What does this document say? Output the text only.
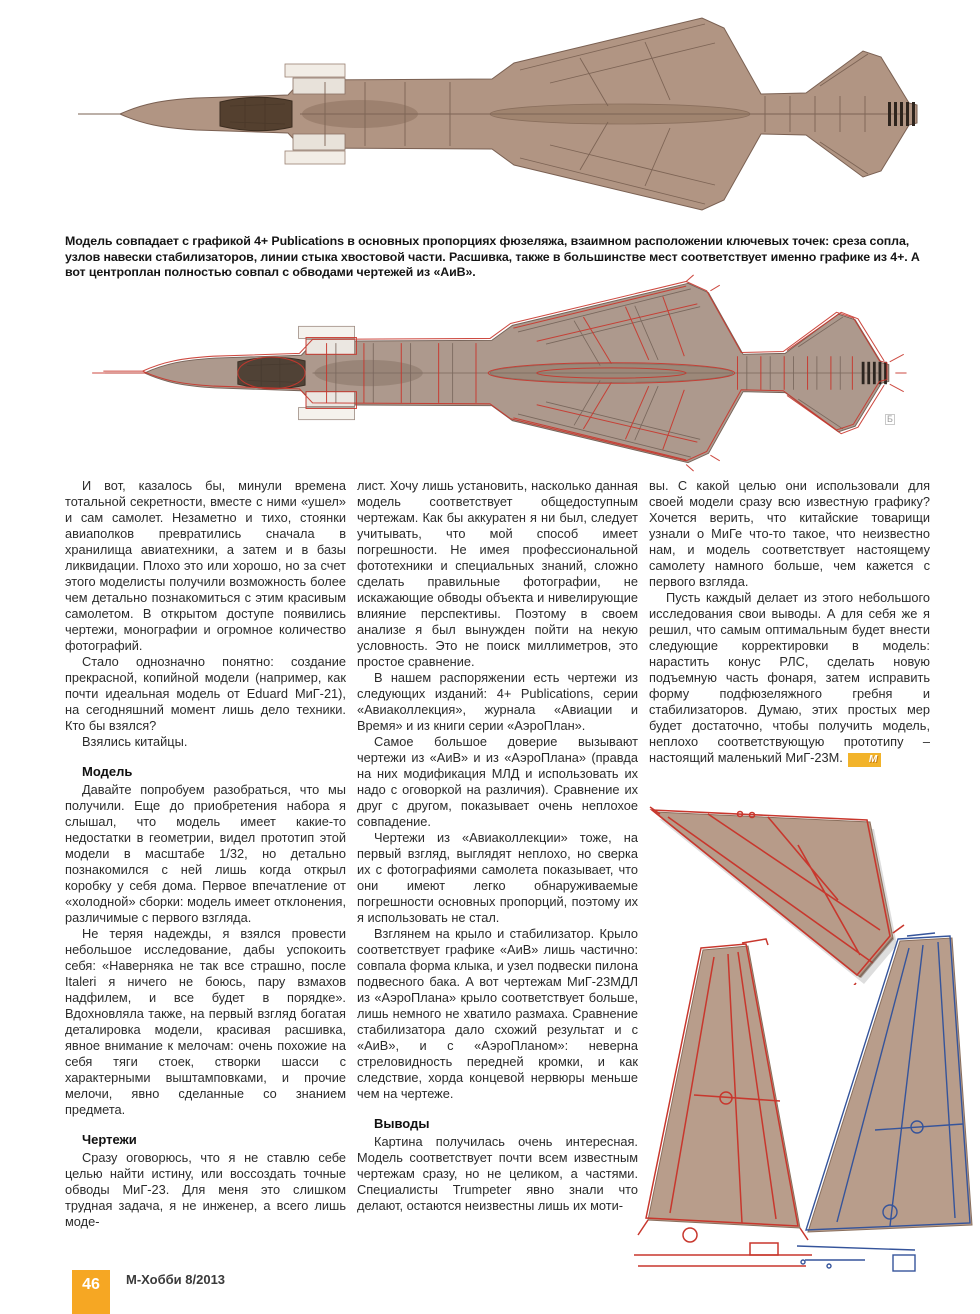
Модель совпадает с графикой 4+ Publications в основных пропорциях фюзеляжа, взаимном расположении ключевых точек: среза сопла, узлов навески стабилизаторов, линии стыка хвостовой части. Расшивка, также в большинстве мест соответствует именно графике из 4+. А вот центроплан полностью совпал с обводами чертежей из «АиВ».

Б

И вот, казалось бы, минули времена тотальной секретности, вместе с ними «ушел» и сам самолет. Незаметно и тихо, стоянки авиаполков превратились сначала в хранилища авиатехники, а затем и в базы ликвидации. Плохо это или хорошо, но за счет этого моделисты получили возможность более чем детально познакомиться с этим красивым самолетом. В открытом доступе появились чертежи, монографии и огромное количество фотографий.

Стало однозначно понятно: создание прекрасной, копийной модели (например, как почти идеальная модель от Eduard МиГ-21), на сегодняшний момент лишь дело техники. Кто бы взялся?

Взялись китайцы.

Модель

Давайте попробуем разобраться, что мы получили. Еще до приобретения набора я слышал, что модель имеет какие-то недостатки в геометрии, видел прототип этой модели в масштабе 1/32, но детально познакомился с ней лишь когда открыл коробку у себя дома. Первое впечатление от «холодной» сборки: модель имеет отклонения, различимые с первого взгляда.

Не теряя надежды, я взялся провести небольшое исследование, дабы успокоить себя: «Наверняка не так все страшно, после Italeri я ничего не боюсь, пару взмахов надфилем, и все будет в порядке». Вдохновляла также, на первый взгляд богатая деталировка модели, красивая расшивка, явное внимание к мелочам: очень похожие на себя тяги стоек, створки шасси с характерными выштамповками, и прочие мелочи, явно сделанные со знанием предмета.

Чертежи

Сразу оговорюсь, что я не ставлю себе целью найти истину, или воссоздать точные обводы МиГ-23. Для меня это слишком трудная задача, я не инженер, а всего лишь моде-

лист. Хочу лишь установить, насколько данная модель соответствует общедоступным чертежам. Как бы аккуратен я ни был, следует учитывать, что мой способ имеет погрешности. Не имея профессиональной фототехники и специальных знаний, сложно сделать правильные фотографии, не искажающие обводы объекта и нивелирующие влияние перспективы. Поэтому в своем анализе я был вынужден пойти на некую условность. Это не поиск миллиметров, это простое сравнение.

В нашем распоряжении есть чертежи из следующих изданий: 4+ Publications, серии «Авиаколлекция», журнала «Авиации и Время» и из книги серии «АэроПлан».

Самое большое доверие вызывают чертежи из «АиВ» и из «АэроПлана» (правда на них модификация МЛД и использовать их надо с оговоркой на различия). Сравнение их друг с другом, показывает очень неплохое совпадение.

Чертежи из «Авиаколлекции» тоже, на первый взгляд, выглядят неплохо, но сверка их с фотографиями самолета показывает, что они имеют легко обнаруживаемые погрешности основных пропорций, поэтому их я использовать не стал.

Взглянем на крыло и стабилизатор. Крыло соответствует графике «АиВ» лишь частично: совпала форма клыка, и узел подвески пилона подвесного бака. А вот чертежам МиГ-23МДЛ из «АэроПлана» крыло соответствует больше, лишь немного не хватило размаха. Сравнение стабилизатора дало схожий результат и с «АиВ», и с «АэроПланом»: неверна стреловидность передней кромки, и как следствие, хорда концевой нервюры меньше чем на чертеже.

Выводы

Картина получилась очень интересная. Модель соответствует почти всем известным чертежам сразу, но не целиком, а частями. Специалисты Trumpeter явно знали что делают, остаются неизвестны лишь их моти-

вы. С какой целью они использовали для своей модели сразу всю известную графику? Хочется верить, что китайские товарищи узнали о МиГе что-то такое, что неизвестно нам, и модель соответствует настоящему самолету намного больше, чем кажется с первого взгляда.

Пусть каждый делает из этого небольшого исследования свои выводы. А для себя же я решил, что самым оптимальным будет внести следующие корректировки в модель: нарастить конус РЛС, сделать новую подъемную часть фонаря, затем исправить форму подфюзеляжного гребня и стабилизаторов. Думаю, этих простых мер будет достаточно, чтобы получить модель, неплохо соответствующую прототипу – настоящий маленький МиГ-23М.	М

46	М-Хобби 8/2013
